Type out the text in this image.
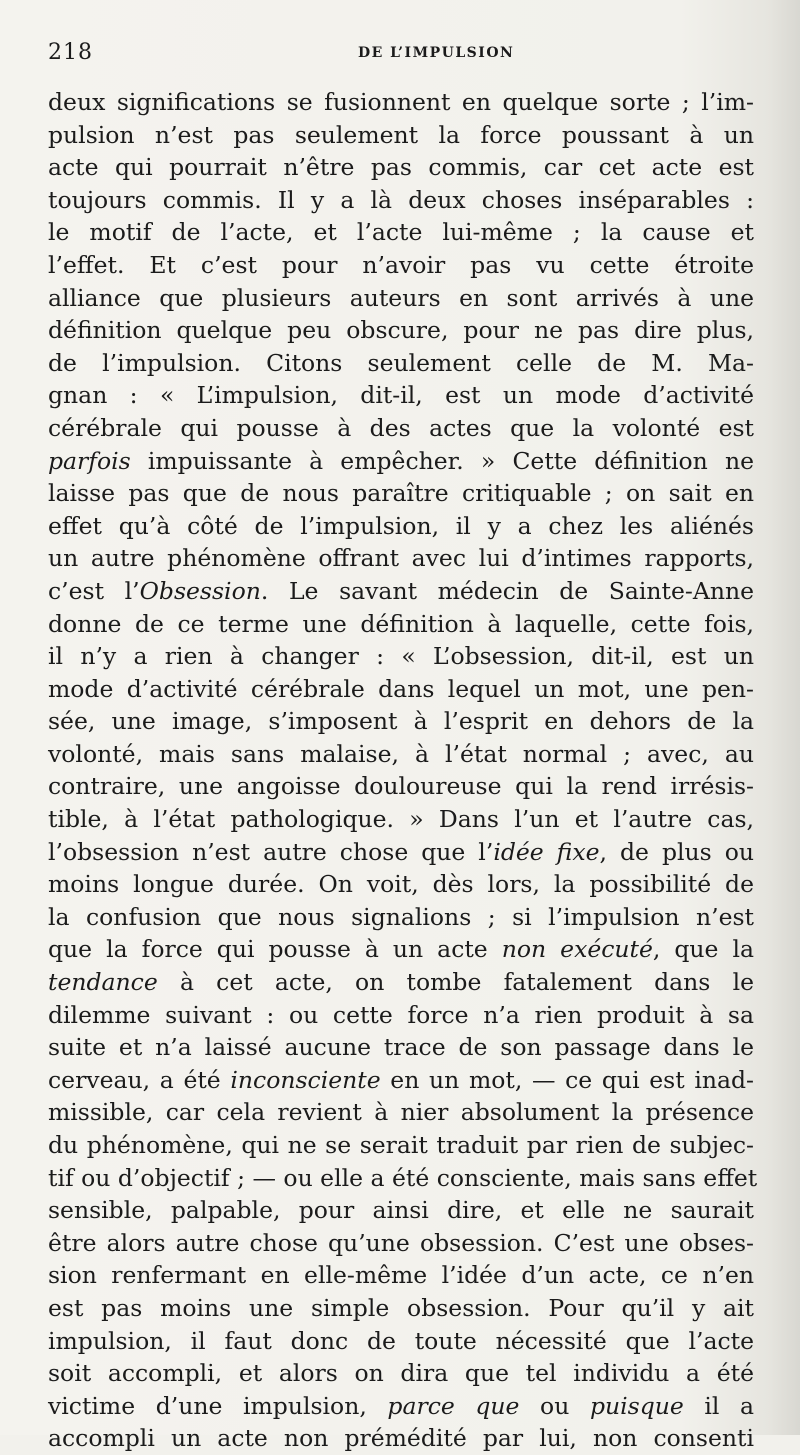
218	DE L’IMPULSION
deux significations se fusionnent en quelque sorte ; l’im-
pulsion n’est pas seulement la force poussant à un
acte qui pourrait n’être pas commis, car cet acte est
toujours commis. Il y a là deux choses inséparables :
le motif de l’acte, et l’acte lui-même ; la cause et
l’effet. Et c’est pour n’avoir pas vu cette étroite
alliance que plusieurs auteurs en sont arrivés à une
définition quelque peu obscure, pour ne pas dire plus,
de l’impulsion. Citons seulement celle de M. Ma-
gnan : « L’impulsion, dit-il, est un mode d’activité
cérébrale qui pousse à des actes que la volonté est
parfois impuissante à empêcher. » Cette définition ne
laisse pas que de nous paraître critiquable ; on sait en
effet qu’à côté de l’impulsion, il y a chez les aliénés
un autre phénomène offrant avec lui d’intimes rapports,
c’est l’Obsession. Le savant médecin de Sainte-Anne
donne de ce terme une définition à laquelle, cette fois,
il n’y a rien à changer : « L’obsession, dit-il, est un
mode d’activité cérébrale dans lequel un mot, une pen-
sée, une image, s’imposent à l’esprit en dehors de la
volonté, mais sans malaise, à l’état normal ; avec, au
contraire, une angoisse douloureuse qui la rend irrésis-
tible, à l’état pathologique. » Dans l’un et l’autre cas,
l’obsession n’est autre chose que l’idée fixe, de plus ou
moins longue durée. On voit, dès lors, la possibilité de
la confusion que nous signalions ; si l’impulsion n’est
que la force qui pousse à un acte non exécuté, que la
tendance à cet acte, on tombe fatalement dans le
dilemme suivant : ou cette force n’a rien produit à sa
suite et n’a laissé aucune trace de son passage dans le
cerveau, a été inconsciente en un mot, — ce qui est inad-
missible, car cela revient à nier absolument la présence
du phénomène, qui ne se serait traduit par rien de subjec-
tif ou d’objectif ; — ou elle a été consciente, mais sans effet
sensible, palpable, pour ainsi dire, et elle ne saurait
être alors autre chose qu’une obsession. C’est une obses-
sion renfermant en elle-même l’idée d’un acte, ce n’en
est pas moins une simple obsession. Pour qu’il y ait
impulsion, il faut donc de toute nécessité que l’acte
soit accompli, et alors on dira que tel individu a été
victime d’une impulsion, parce que ou puisque il a
accompli un acte non prémédité par lui, non consenti
